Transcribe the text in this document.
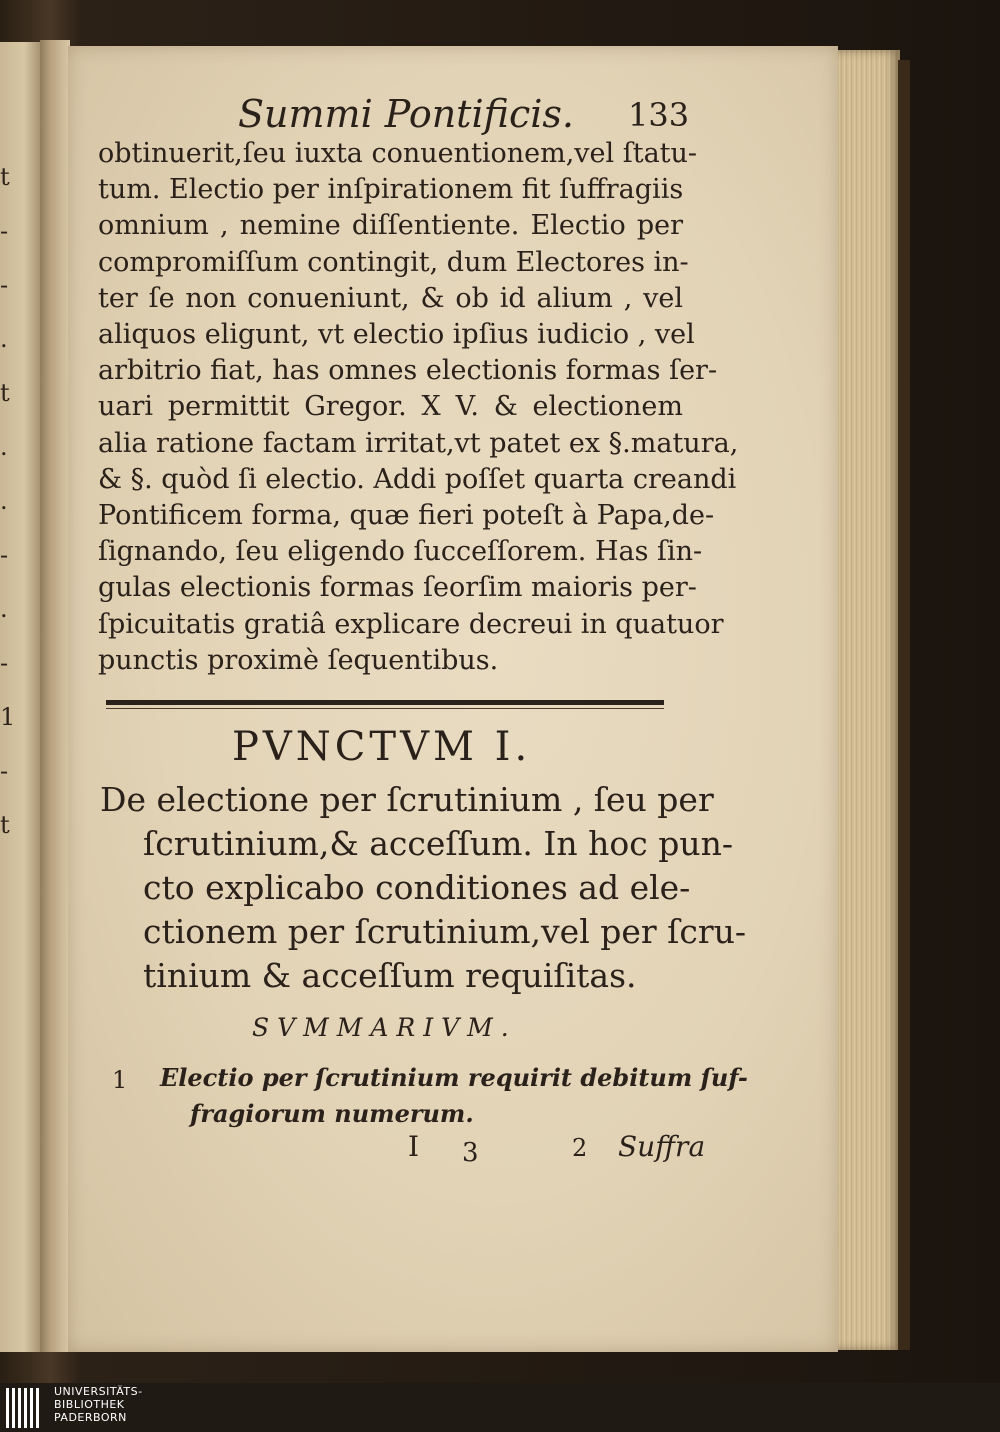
t
-
-
.
t
.
.
-
.
-
1
-
t
Summi Pontificis. 133
obtinuerit,ſeu iuxta conuentionem,vel ſtatu-
tum. Electio per inſpirationem fit ſuffragiis
omnium , nemine diſſentiente. Electio per
compromiſſum contingit, dum Electores in-
ter ſe non conueniunt, & ob id alium , vel
aliquos eligunt, vt electio ipſius iudicio , vel
arbitrio fiat, has omnes electionis formas ſer-
uari permittit Gregor. X V. & electionem
alia ratione factam irritat,vt patet ex §.matura,
& §. quòd ſi electio. Addi poſſet quarta creandi
Pontificem forma, quæ fieri poteſt à Papa,de-
ſignando, ſeu eligendo ſucceſſorem. Has ſin-
gulas electionis formas ſeorſim maioris per-
ſpicuitatis gratiâ explicare decreui in quatuor
punctis proximè ſequentibus.
PVNCTVM I.
De electione per ſcrutinium , ſeu per
ſcrutinium,& acceſſum. In hoc pun-
cto explicabo conditiones ad ele-
ctionem per ſcrutinium,vel per ſcru-
tinium & acceſſum requiſitas.
SVMMARIVM.
1 Electio per ſcrutinium requirit debitum ſuf-
fragiorum numerum.
I 3	2 Suffra
UNIVERSITÄTS-
BIBLIOTHEK
PADERBORN
